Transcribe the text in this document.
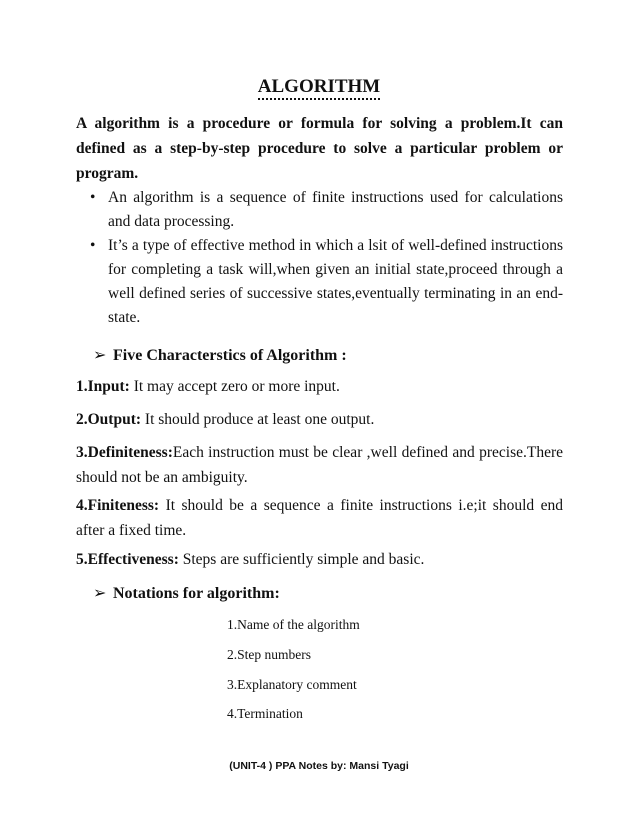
ALGORITHM
A algorithm is a procedure or formula for solving a problem.It can defined as a step-by-step procedure to solve a particular problem or program.
• An algorithm is a sequence of finite instructions used for calculations and data processing.
• It’s a type of effective method in which a lsit of well-defined instructions for completing a task will,when given an initial state,proceed through a well defined series of successive states,eventually terminating in an end-state.
➢ Five Characterstics of Algorithm :
1.Input: It may accept zero or more input.
2.Output: It should produce at least one output.
3.Definiteness:Each instruction must be clear ,well defined and precise.There should not be an ambiguity.
4.Finiteness: It should be a sequence a finite instructions i.e;it should end after a fixed time.
5.Effectiveness: Steps are sufficiently simple and basic.
➢ Notations for algorithm:
1.Name of the algorithm
2.Step numbers
3.Explanatory comment
4.Termination
(UNIT-4 ) PPA Notes by: Mansi Tyagi
